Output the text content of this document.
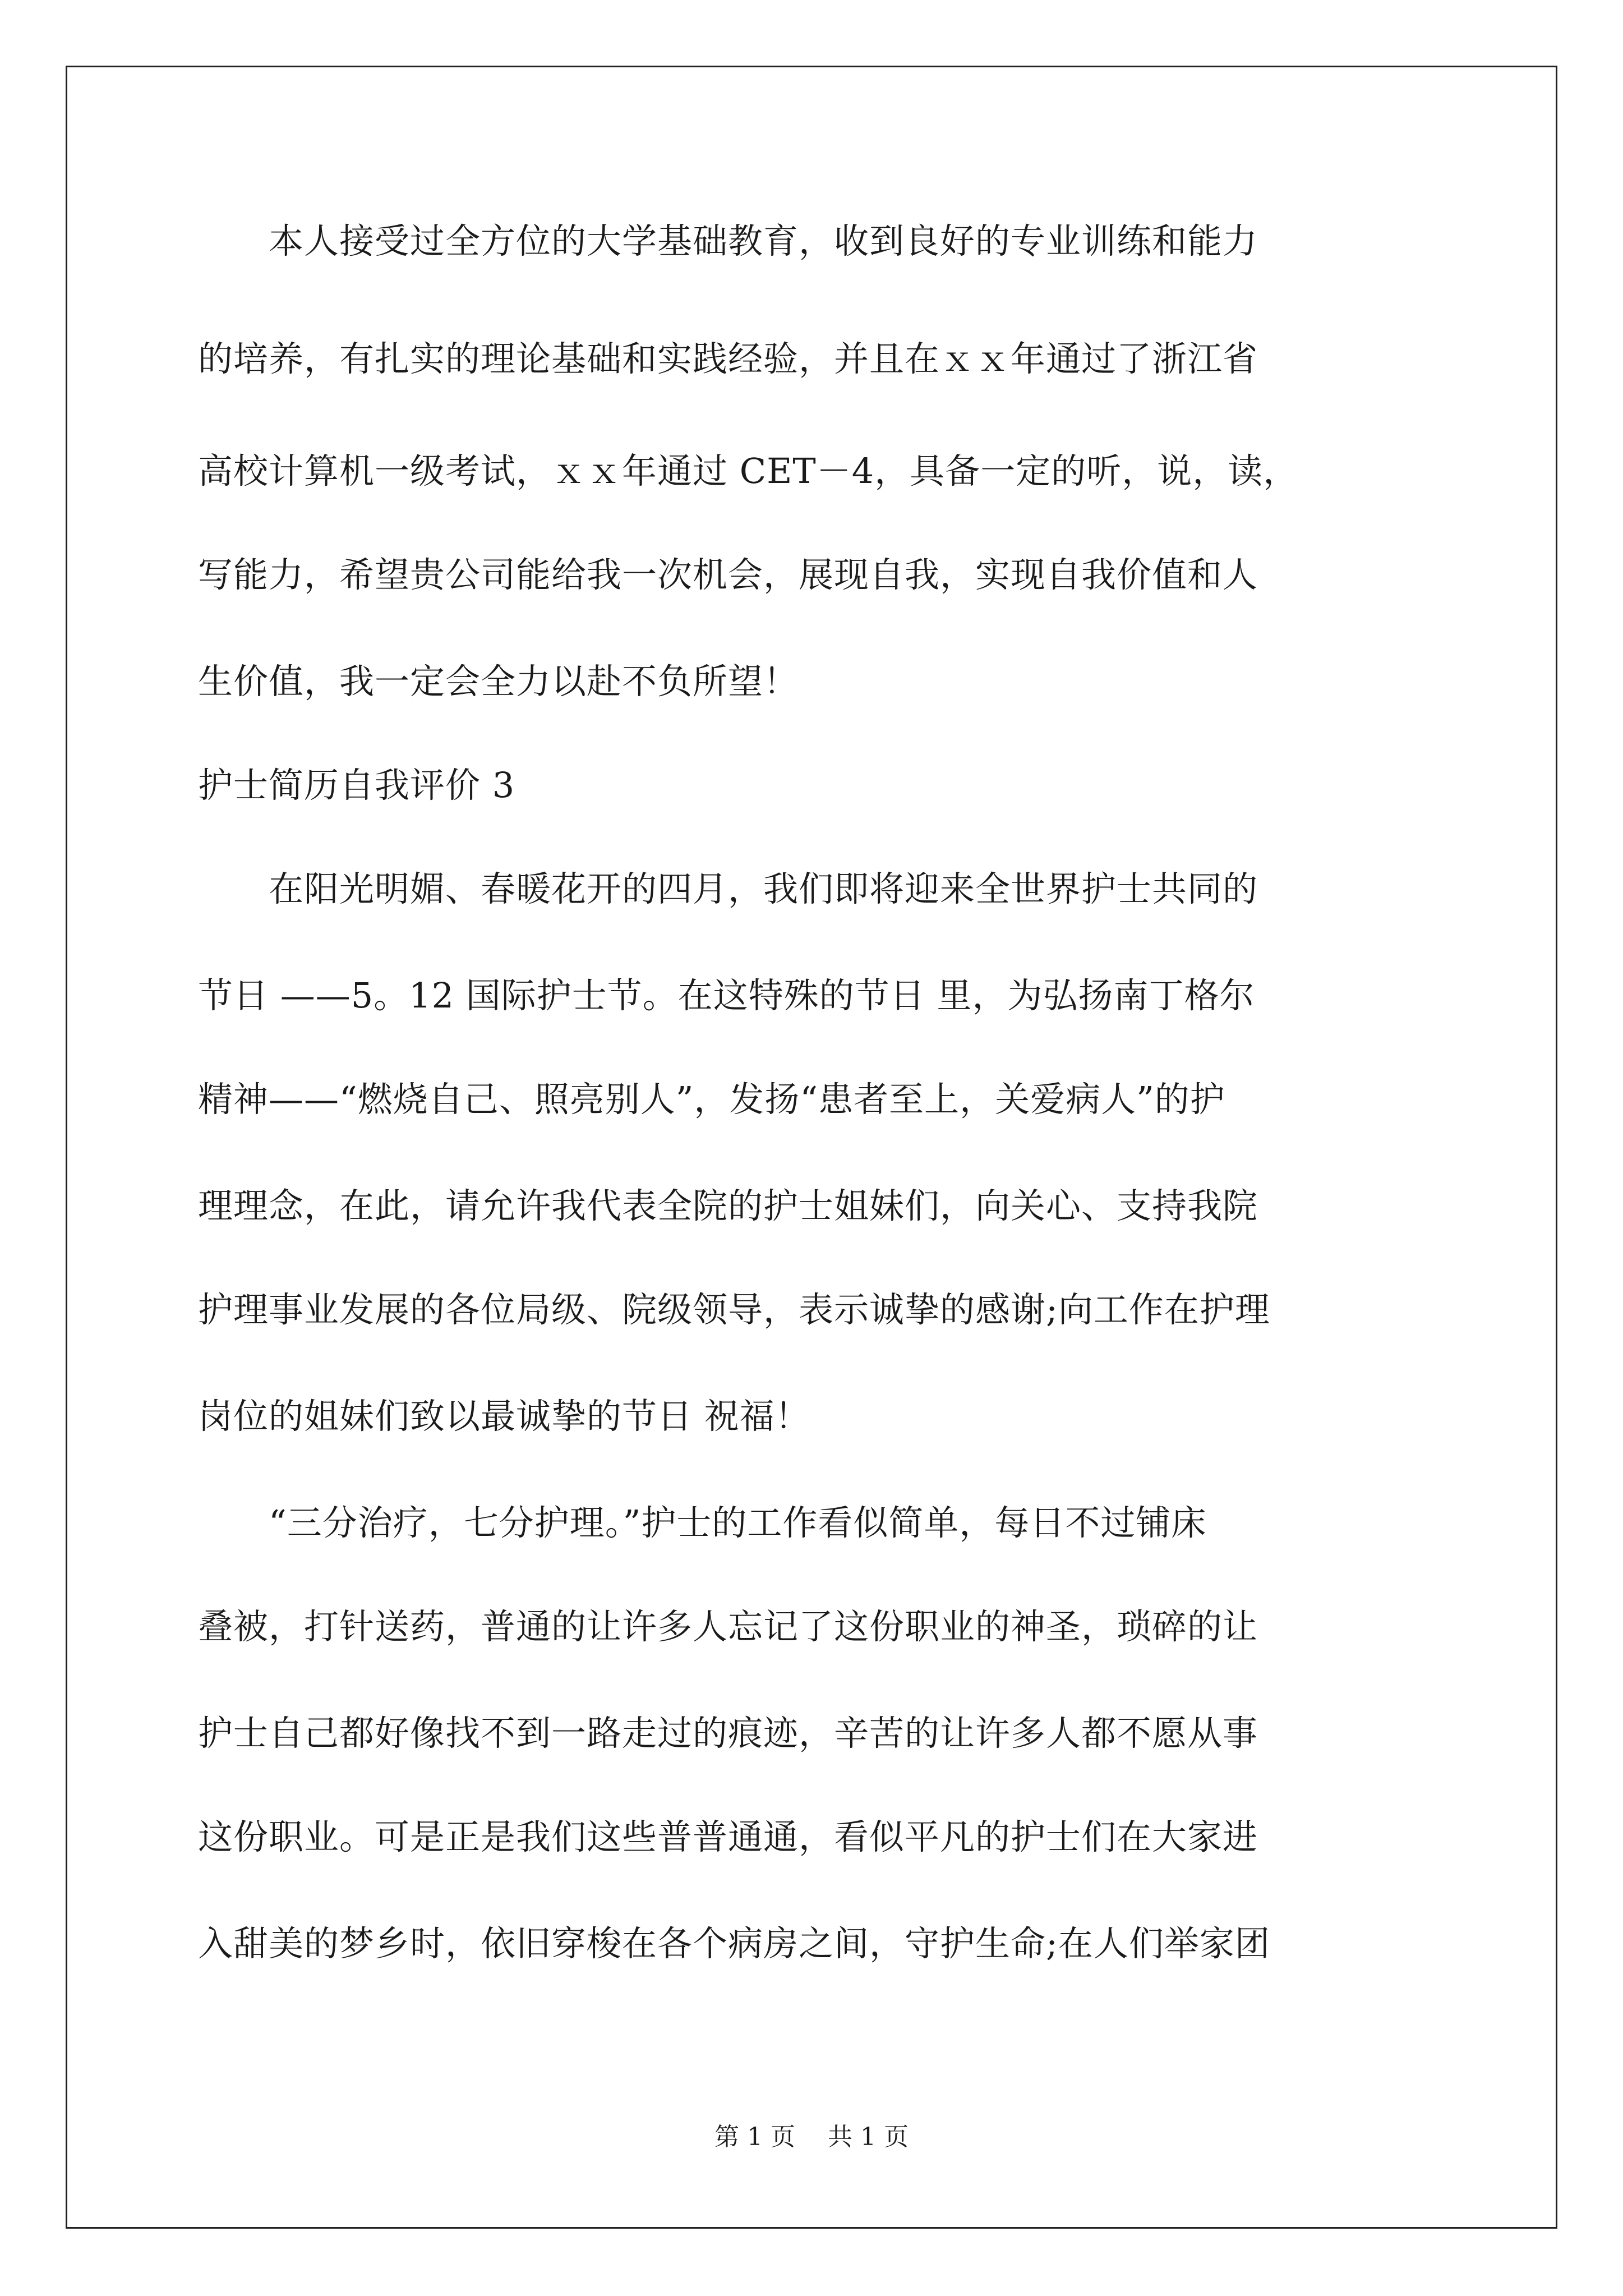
　　本人接受过全方位的大学基础教育，收到良好的专业训练和能力
的培养，有扎实的理论基础和实践经验，并且在ｘｘ年通过了浙江省
高校计算机一级考试，ｘｘ年通过 CET－4，具备一定的听，说，读，
写能力，希望贵公司能给我一次机会，展现自我，实现自我价值和人
生价值，我一定会全力以赴不负所望！
护士简历自我评价 3
　　在阳光明媚、春暖花开的四月，我们即将迎来全世界护士共同的
节日 ——5。12 国际护士节。在这特殊的节日 里，为弘扬南丁格尔
精神——“燃烧自己、照亮别人”，发扬“患者至上，关爱病人”的护
理理念，在此，请允许我代表全院的护士姐妹们，向关心、支持我院
护理事业发展的各位局级、院级领导，表示诚挚的感谢;向工作在护理
岗位的姐妹们致以最诚挚的节日 祝福！
　　“三分治疗，七分护理。”护士的工作看似简单，每日不过铺床
叠被，打针送药，普通的让许多人忘记了这份职业的神圣，琐碎的让
护士自己都好像找不到一路走过的痕迹，辛苦的让许多人都不愿从事
这份职业。可是正是我们这些普普通通，看似平凡的护士们在大家进
入甜美的梦乡时，依旧穿梭在各个病房之间，守护生命;在人们举家团
第 1 页　 共 1 页
